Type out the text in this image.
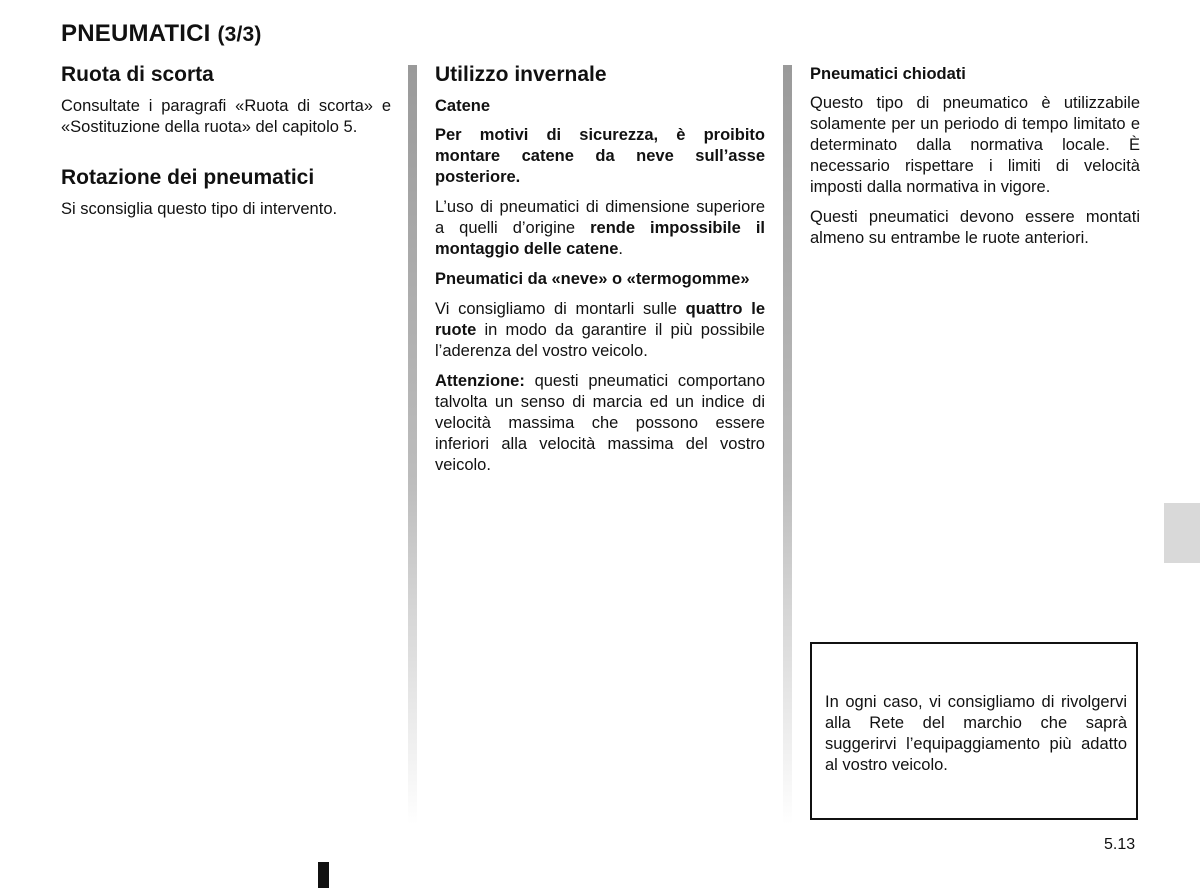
PNEUMATICI (3/3)
Ruota di scorta

Consultate i paragrafi «Ruota di scorta» e «Sostituzione della ruota» del capitolo 5.

Rotazione dei pneumatici

Si sconsiglia questo tipo di intervento.

Utilizzo invernale
Catene

Per motivi di sicurezza, è proibito montare catene da neve sull’asse posteriore.

L’uso di pneumatici di dimensione superiore a quelli d’origine rende impossibile il montaggio delle catene.

Pneumatici da «neve» o «termogomme»

Vi consigliamo di montarli sulle quattro le ruote in modo da garantire il più possibile l’aderenza del vostro veicolo.

Attenzione: questi pneumatici comportano talvolta un senso di marcia ed un indice di velocità massima che possono essere inferiori alla velocità massima del vostro veicolo.

Pneumatici chiodati

Questo tipo di pneumatico è utilizzabile solamente per un periodo di tempo limitato e determinato dalla normativa locale. È necessario rispettare i limiti di velocità imposti dalla normativa in vigore.

Questi pneumatici devono essere montati almeno su entrambe le ruote anteriori.

In ogni caso, vi consigliamo di rivolgervi alla Rete del marchio che saprà suggerirvi l’equipaggiamento più adatto al vostro veicolo.

5.13
